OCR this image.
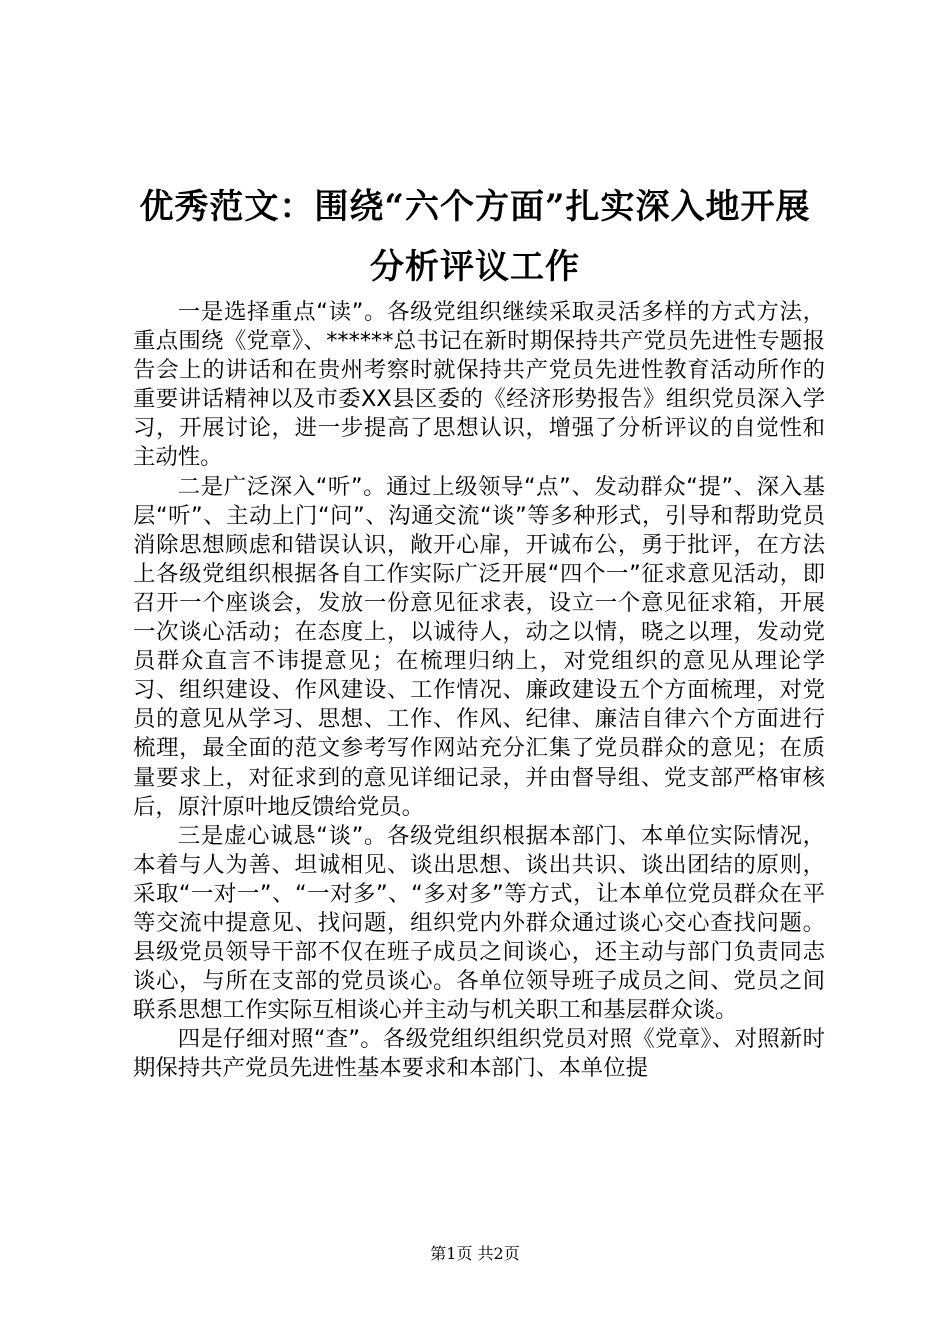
优秀范文：围绕“六个方面”扎实深入地开展
分析评议工作

一是选择重点“读”。各级党组织继续采取灵活多样的方式方法，重点围绕《党章》、******总书记在新时期保持共产党员先进性专题报告会上的讲话和在贵州考察时就保持共产党员先进性教育活动所作的重要讲话精神以及市委XX县区委的《经济形势报告》组织党员深入学习，开展讨论，进一步提高了思想认识，增强了分析评议的自觉性和主动性。

二是广泛深入“听”。通过上级领导“点”、发动群众“提”、深入基层“听”、主动上门“问”、沟通交流“谈”等多种形式，引导和帮助党员消除思想顾虑和错误认识，敞开心扉，开诚布公，勇于批评，在方法上各级党组织根据各自工作实际广泛开展“四个一”征求意见活动，即召开一个座谈会，发放一份意见征求表，设立一个意见征求箱，开展一次谈心活动；在态度上，以诚待人，动之以情，晓之以理，发动党员群众直言不讳提意见；在梳理归纳上，对党组织的意见从理论学习、组织建设、作风建设、工作情况、廉政建设五个方面梳理，对党员的意见从学习、思想、工作、作风、纪律、廉洁自律六个方面进行梳理，最全面的范文参考写作网站充分汇集了党员群众的意见；在质量要求上，对征求到的意见详细记录，并由督导组、党支部严格审核后，原汁原叶地反馈给党员。

三是虚心诚恳“谈”。各级党组织根据本部门、本单位实际情况，本着与人为善、坦诚相见、谈出思想、谈出共识、谈出团结的原则，采取“一对一”、“一对多”、“多对多”等方式，让本单位党员群众在平等交流中提意见、找问题，组织党内外群众通过谈心交心查找问题。县级党员领导干部不仅在班子成员之间谈心，还主动与部门负责同志谈心，与所在支部的党员谈心。各单位领导班子成员之间、党员之间联系思想工作实际互相谈心并主动与机关职工和基层群众谈。

四是仔细对照“查”。各级党组织组织党员对照《党章》、对照新时期保持共产党员先进性基本要求和本部门、本单位提

第1页 共2页
